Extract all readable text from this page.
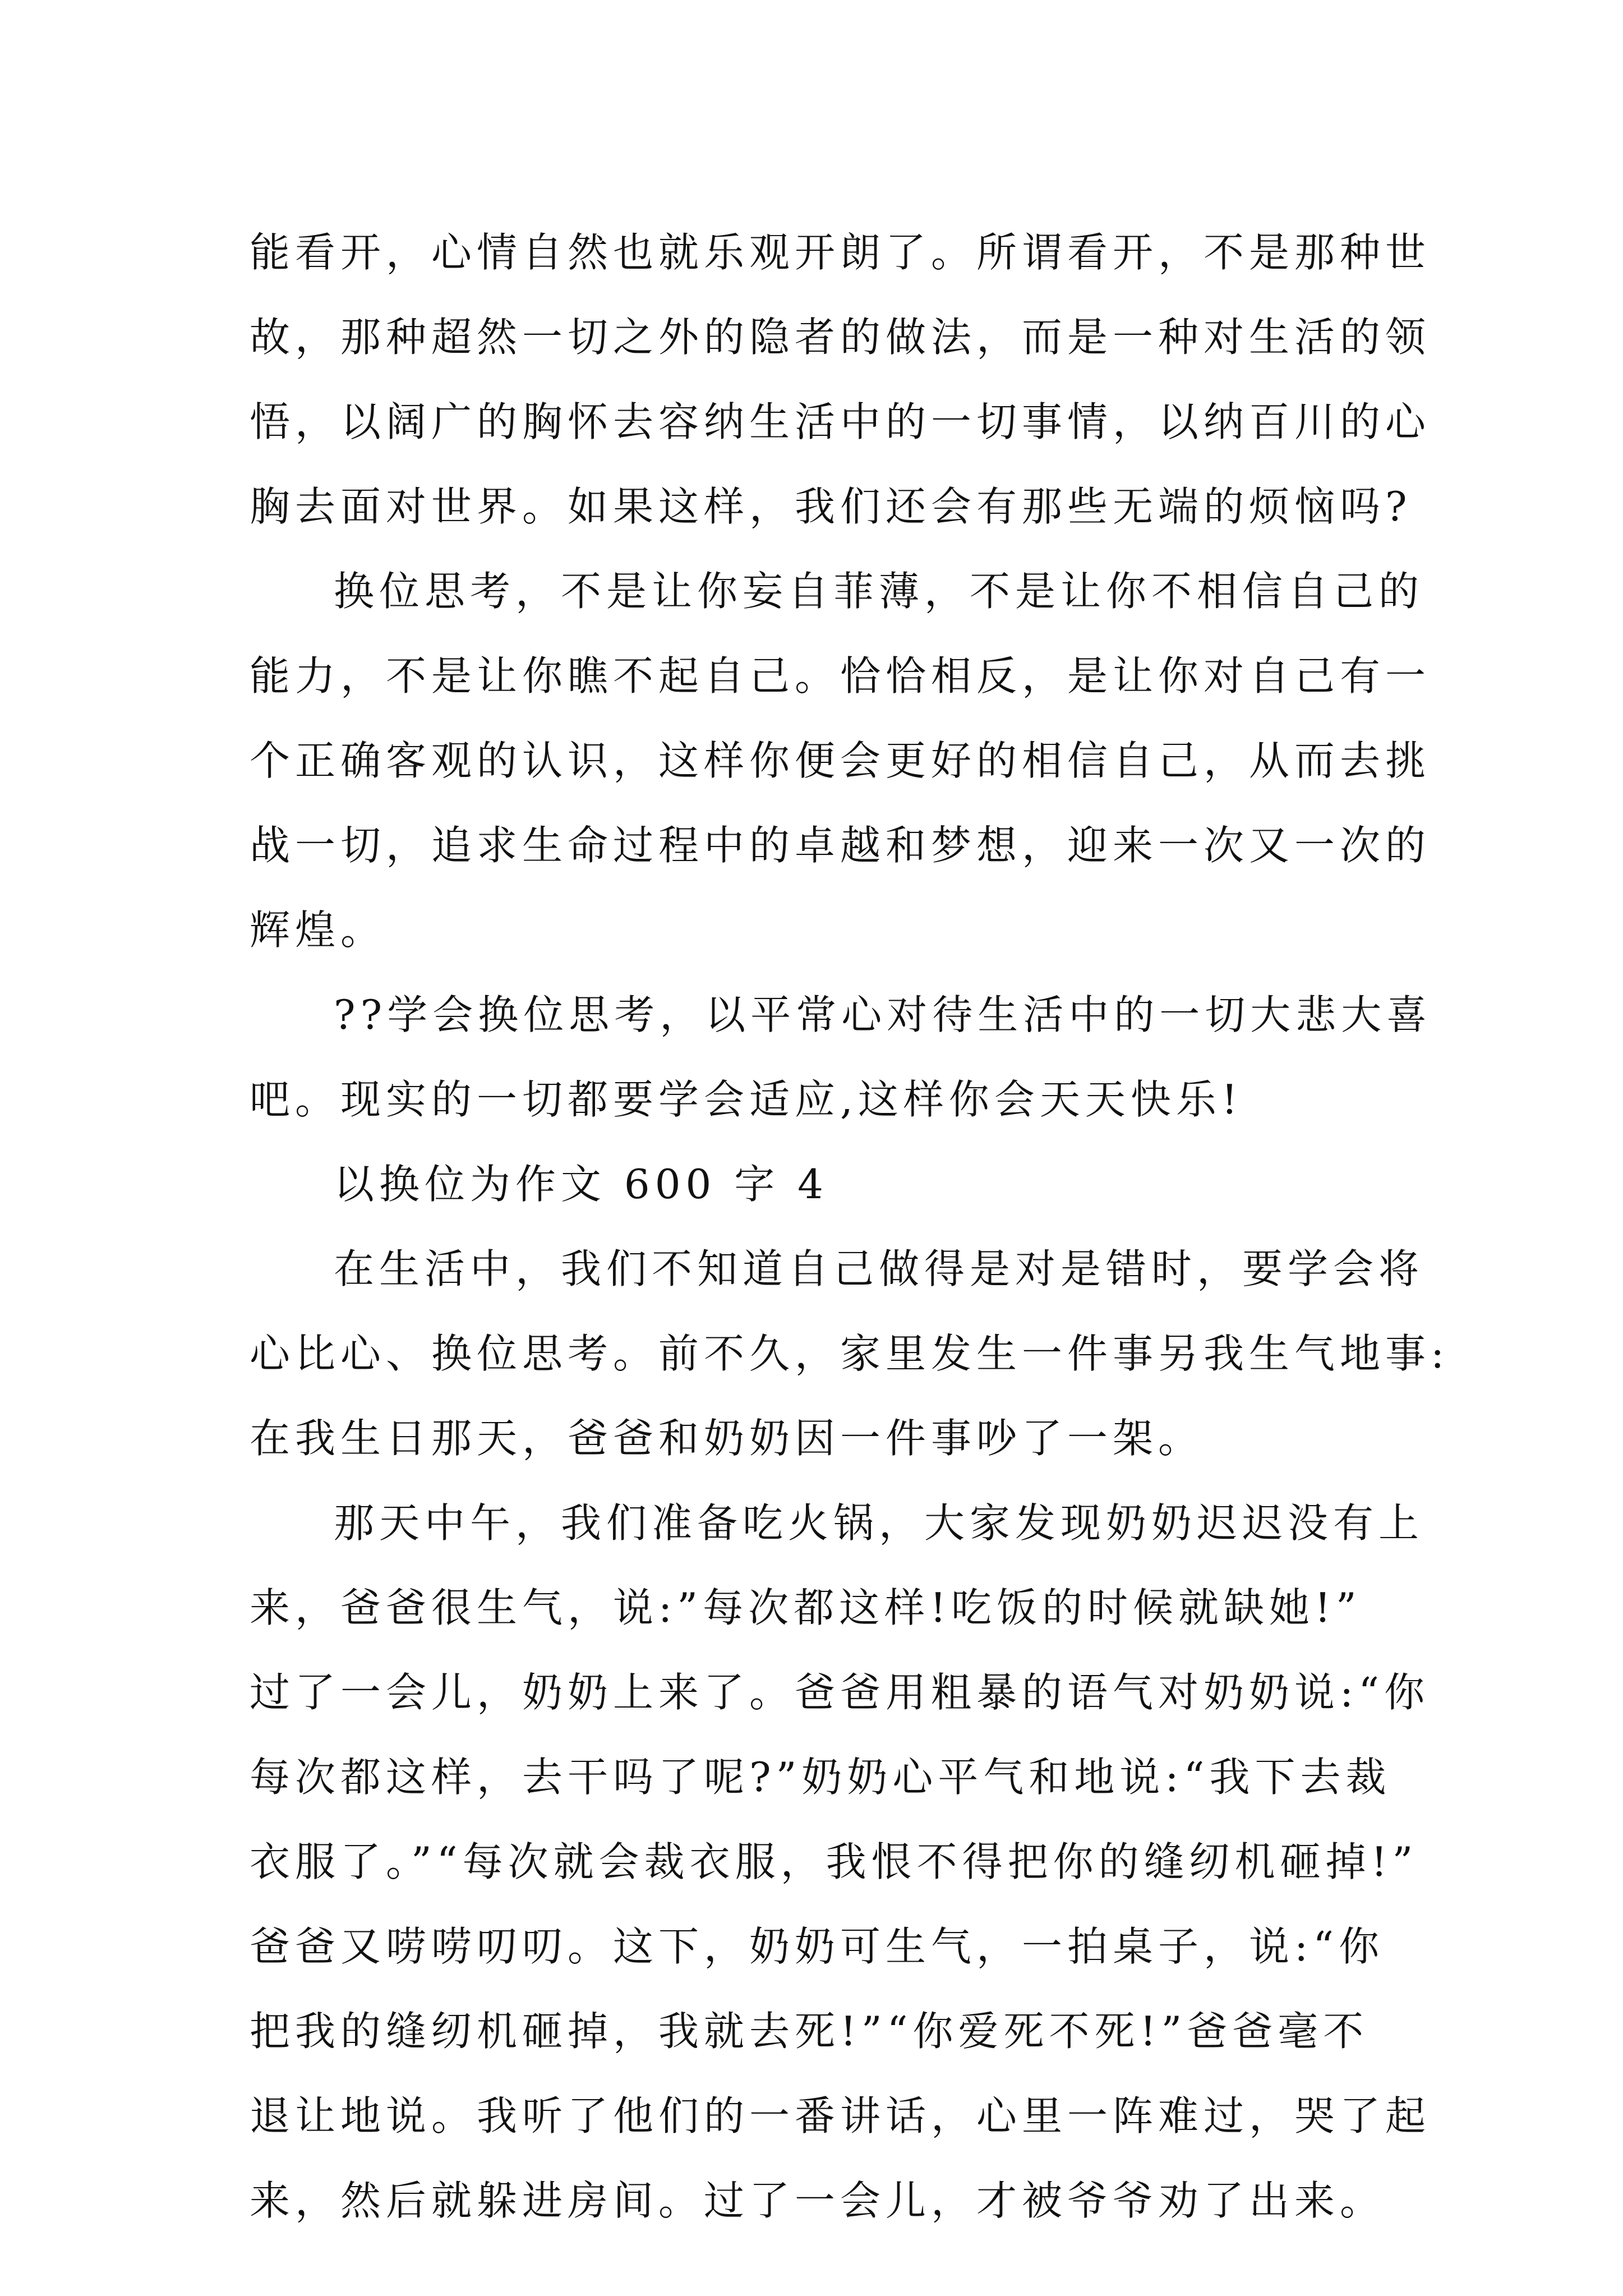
能看开，心情自然也就乐观开朗了。所谓看开，不是那种世
故，那种超然一切之外的隐者的做法，而是一种对生活的领
悟，以阔广的胸怀去容纳生活中的一切事情，以纳百川的心
胸去面对世界。如果这样，我们还会有那些无端的烦恼吗?
换位思考，不是让你妄自菲薄，不是让你不相信自己的
能力，不是让你瞧不起自己。恰恰相反，是让你对自己有一
个正确客观的认识，这样你便会更好的相信自己，从而去挑
战一切，追求生命过程中的卓越和梦想，迎来一次又一次的
辉煌。
??学会换位思考，以平常心对待生活中的一切大悲大喜
吧。现实的一切都要学会适应,这样你会天天快乐!
以换位为作文 600 字 4
在生活中，我们不知道自己做得是对是错时，要学会将
心比心、换位思考。前不久，家里发生一件事另我生气地事:
在我生日那天，爸爸和奶奶因一件事吵了一架。
那天中午，我们准备吃火锅，大家发现奶奶迟迟没有上
来，爸爸很生气，说:”每次都这样!吃饭的时候就缺她!”
过了一会儿，奶奶上来了。爸爸用粗暴的语气对奶奶说:“你
每次都这样，去干吗了呢?”奶奶心平气和地说:“我下去裁
衣服了。”“每次就会裁衣服，我恨不得把你的缝纫机砸掉!”
爸爸又唠唠叨叨。这下，奶奶可生气，一拍桌子，说:“你
把我的缝纫机砸掉，我就去死!”“你爱死不死!”爸爸毫不
退让地说。我听了他们的一番讲话，心里一阵难过，哭了起
来，然后就躲进房间。过了一会儿，才被爷爷劝了出来。
